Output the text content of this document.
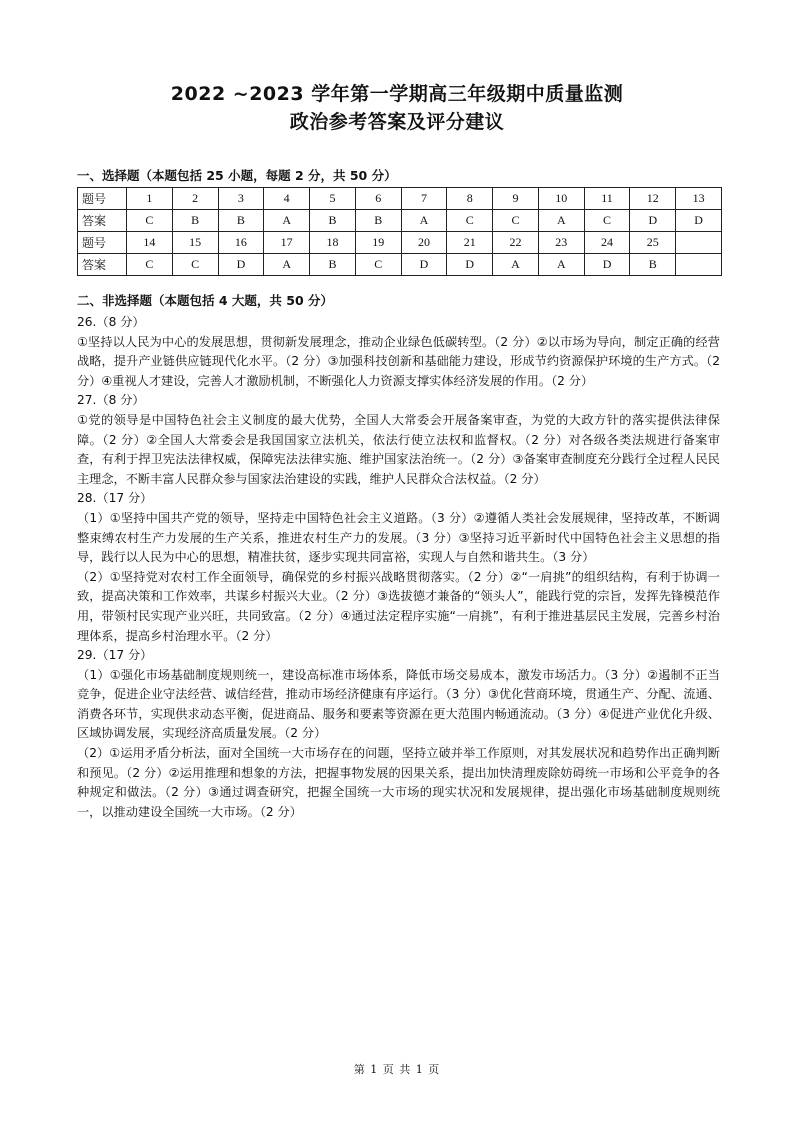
2022 ~2023 学年第一学期高三年级期中质量监测
政治参考答案及评分建议

一、选择题（本题包括 25 小题，每题 2 分，共 50 分）

题号	1	2	3	4	5	6	7	8	9	10	11	12	13
答案	C	B	B	A	B	B	A	C	C	A	C	D	D
题号	14	15	16	17	18	19	20	21	22	23	24	25	
答案	C	C	D	A	B	C	D	D	A	A	D	B	

二、非选择题（本题包括 4 大题，共 50 分）

26.（8 分）

①坚持以人民为中心的发展思想，贯彻新发展理念，推动企业绿色低碳转型。（2 分）②以市场为导向，制定正确的经营战略，提升产业链供应链现代化水平。（2 分）③加强科技创新和基础能力建设，形成节约资源保护环境的生产方式。（2 分）④重视人才建设，完善人才激励机制，不断强化人力资源支撑实体经济发展的作用。（2 分）

27.（8 分）

①党的领导是中国特色社会主义制度的最大优势，全国人大常委会开展备案审查，为党的大政方针的落实提供法律保障。（2 分）②全国人大常委会是我国国家立法机关，依法行使立法权和监督权。（2 分）对各级各类法规进行备案审查，有利于捍卫宪法法律权威，保障宪法法律实施、维护国家法治统一。（2 分）③备案审查制度充分践行全过程人民民主理念，不断丰富人民群众参与国家法治建设的实践，维护人民群众合法权益。（2 分）

28.（17 分）

（1）①坚持中国共产党的领导，坚持走中国特色社会主义道路。（3 分）②遵循人类社会发展规律，坚持改革，不断调整束缚农村生产力发展的生产关系，推进农村生产力的发展。（3 分）③坚持习近平新时代中国特色社会主义思想的指导，践行以人民为中心的思想，精准扶贫，逐步实现共同富裕，实现人与自然和谐共生。（3 分）

（2）①坚持党对农村工作全面领导，确保党的乡村振兴战略贯彻落实。（2 分）②“一肩挑”的组织结构，有利于协调一致，提高决策和工作效率，共谋乡村振兴大业。（2 分）③选拔德才兼备的“领头人”，能践行党的宗旨，发挥先锋模范作用，带领村民实现产业兴旺，共同致富。（2 分）④通过法定程序实施“一肩挑”，有利于推进基层民主发展，完善乡村治理体系，提高乡村治理水平。（2 分）

29.（17 分）

（1）①强化市场基础制度规则统一，建设高标准市场体系，降低市场交易成本，激发市场活力。（3 分）②遏制不正当竞争，促进企业守法经营、诚信经营，推动市场经济健康有序运行。（3 分）③优化营商环境，贯通生产、分配、流通、消费各环节，实现供求动态平衡，促进商品、服务和要素等资源在更大范围内畅通流动。（3 分）④促进产业优化升级、区域协调发展，实现经济高质量发展。（2 分）

（2）①运用矛盾分析法，面对全国统一大市场存在的问题，坚持立破并举工作原则，对其发展状况和趋势作出正确判断和预见。（2 分）②运用推理和想象的方法，把握事物发展的因果关系，提出加快清理废除妨碍统一市场和公平竞争的各种规定和做法。（2 分）③通过调查研究，把握全国统一大市场的现实状况和发展规律，提出强化市场基础制度规则统一，以推动建设全国统一大市场。（2 分）

第 1 页 共 1 页
